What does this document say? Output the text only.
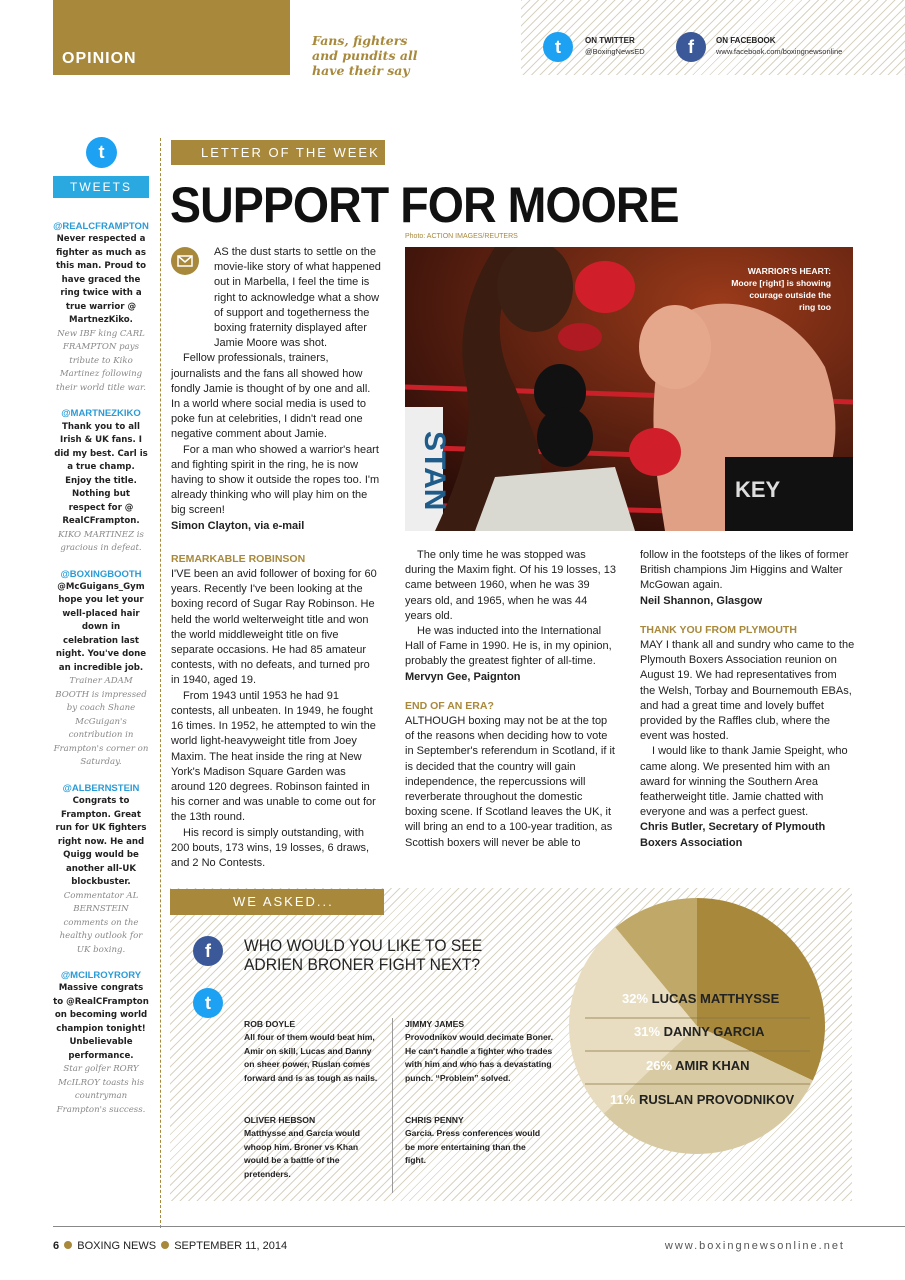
OPINION
Fans, fighters and pundits all have their say
t	ON TWITTER
@BoxingNewsED	f	ON FACEBOOK
www.facebook.com/boxingnewsonline
t
TWEETS
@REALCFRAMPTON
Never respected a fighter as much as this man. Proud to have graced the ring twice with a true warrior @ MartnezKiko.
New IBF king CARL FRAMPTON pays tribute to Kiko Martinez following their world title war.
@MARTNEZKIKO
Thank you to all Irish & UK fans. I did my best. Carl is a true champ. Enjoy the title. Nothing but respect for @ RealCFrampton.
KIKO MARTINEZ is gracious in defeat.
@BOXINGBOOTH
@McGuigans_Gym hope you let your well-placed hair down in celebration last night. You've done an incredible job.
Trainer ADAM BOOTH is impressed by coach Shane McGuigan's contribution in Frampton's corner on Saturday.
@ALBERNSTEIN
Congrats to Frampton. Great run for UK fighters right now. He and Quigg would be another all-UK blockbuster.
Commentator AL BERNSTEIN comments on the healthy outlook for UK boxing.
@MCILROYRORY
Massive congrats to @RealCFrampton on becoming world champion tonight! Unbelievable performance.
Star golfer RORY McILROY toasts his countryman Frampton's success.
LETTER OF THE WEEK
SUPPORT FOR MOORE
Photo: ACTION IMAGES/REUTERS
STAN	KEY
WARRIOR'S HEART: Moore [right] is showing courage outside the ring too

AS the dust starts to settle on the movie-like story of what happened out in Marbella, I feel the time is right to acknowledge what a show of support and togetherness the boxing fraternity displayed after Jamie Moore was shot.

Fellow professionals, trainers, journalists and the fans all showed how fondly Jamie is thought of by one and all. In a world where social media is used to poke fun at celebrities, I didn't read one negative comment about Jamie.

For a man who showed a warrior's heart and fighting spirit in the ring, he is now having to show it outside the ropes too. I'm already thinking who will play him on the big screen!

Simon Clayton, via e-mail

REMARKABLE ROBINSON

I'VE been an avid follower of boxing for 60 years. Recently I've been looking at the boxing record of Sugar Ray Robinson. He held the world welterweight title and won the world middleweight title on five separate occasions. He had 85 amateur contests, with no defeats, and turned pro in 1940, aged 19.

From 1943 until 1953 he had 91 contests, all unbeaten. In 1949, he fought 16 times. In 1952, he attempted to win the world light-heavyweight title from Joey Maxim. The heat inside the ring at New York's Madison Square Garden was around 120 degrees. Robinson fainted in his corner and was unable to come out for the 13th round.

His record is simply outstanding, with 200 bouts, 173 wins, 19 losses, 6 draws, and 2 No Contests.

The only time he was stopped was during the Maxim fight. Of his 19 losses, 13 came between 1960, when he was 39 years old, and 1965, when he was 44 years old.

He was inducted into the International Hall of Fame in 1990. He is, in my opinion, probably the greatest fighter of all-time.

Mervyn Gee, Paignton

END OF AN ERA?

ALTHOUGH boxing may not be at the top of the reasons when deciding how to vote in September's referendum in Scotland, if it is decided that the country will gain independence, the repercussions will reverberate throughout the domestic boxing scene. If Scotland leaves the UK, it will bring an end to a 100-year tradition, as Scottish boxers will never be able to

follow in the footsteps of the likes of former British champions Jim Higgins and Walter McGowan again.

Neil Shannon, Glasgow

THANK YOU FROM PLYMOUTH

MAY I thank all and sundry who came to the Plymouth Boxers Association reunion on August 19. We had representatives from the Welsh, Torbay and Bournemouth EBAs, and had a great time and lovely buffet provided by the Raffles club, where the event was hosted.

I would like to thank Jamie Speight, who came along. We presented him with an award for winning the Southern Area featherweight title. Jamie chatted with everyone and was a perfect guest.

Chris Butler, Secretary of Plymouth Boxers Association

WE ASKED...
f
t
WHO WOULD YOU LIKE TO SEE ADRIEN BRONER FIGHT NEXT?
ROB DOYLE
All four of them would beat him, Amir on skill, Lucas and Danny on sheer power, Ruslan comes forward and is as tough as nails.
OLIVER HEBSON
Matthysse and Garcia would whoop him. Broner vs Khan would be a battle of the pretenders.
JIMMY JAMES
Provodnikov would decimate Boner. He can't handle a fighter who trades with him and who has a devastating punch. “Problem” solved.
CHRIS PENNY
Garcia. Press conferences would be more entertaining than the fight.
32% LUCAS MATTHYSSE
31% DANNY GARCIA
26% AMIR KHAN
11% RUSLAN PROVODNIKOV
6 BOXING NEWS SEPTEMBER 11, 2014	www.boxingnewsonline.net
